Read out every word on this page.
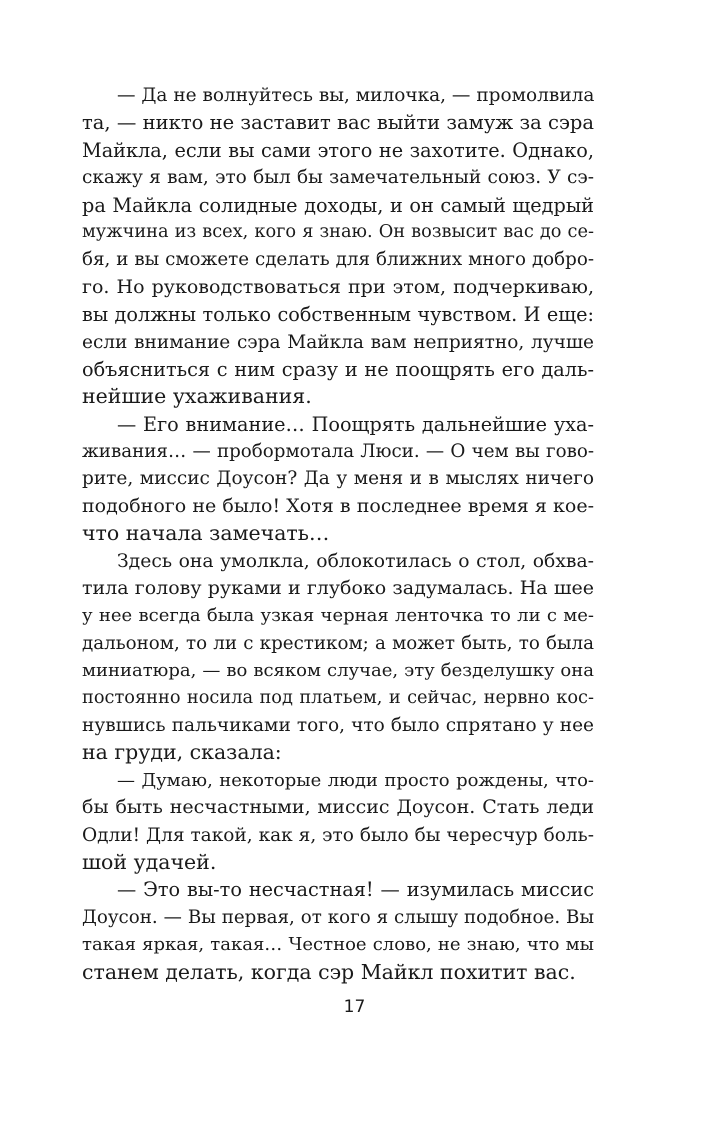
— Да не волнуйтесь вы, милочка, — промолвила
та, — никто не заставит вас выйти замуж за сэра
Майкла, если вы сами этого не захотите. Однако,
скажу я вам, это был бы замечательный союз. У сэ-
ра Майкла солидные доходы, и он самый щедрый
мужчина из всех, кого я знаю. Он возвысит вас до се-
бя, и вы сможете сделать для ближних много добро-
го. Но руководствоваться при этом, подчеркиваю,
вы должны только собственным чувством. И еще:
если внимание сэра Майкла вам неприятно, лучше
объясниться с ним сразу и не поощрять его даль-
нейшие ухаживания.
— Его внимание… Поощрять дальнейшие уха-
живания… — пробормотала Люси. — О чем вы гово-
рите, миссис Доусон? Да у меня и в мыслях ничего
подобного не было! Хотя в последнее время я кое-
что начала замечать…
Здесь она умолкла, облокотилась о стол, обхва-
тила голову руками и глубоко задумалась. На шее
у нее всегда была узкая черная ленточка то ли с ме-
дальоном, то ли с крестиком; а может быть, то была
миниатюра, — во всяком случае, эту безделушку она
постоянно носила под платьем, и сейчас, нервно кос-
нувшись пальчиками того, что было спрятано у нее
на груди, сказала:
— Думаю, некоторые люди просто рождены, что-
бы быть несчастными, миссис Доусон. Стать леди
Одли! Для такой, как я, это было бы чересчур боль-
шой удачей.
— Это вы-то несчастная! — изумилась миссис
Доусон. — Вы первая, от кого я слышу подобное. Вы
такая яркая, такая… Честное слово, не знаю, что мы
станем делать, когда сэр Майкл похитит вас.
17
